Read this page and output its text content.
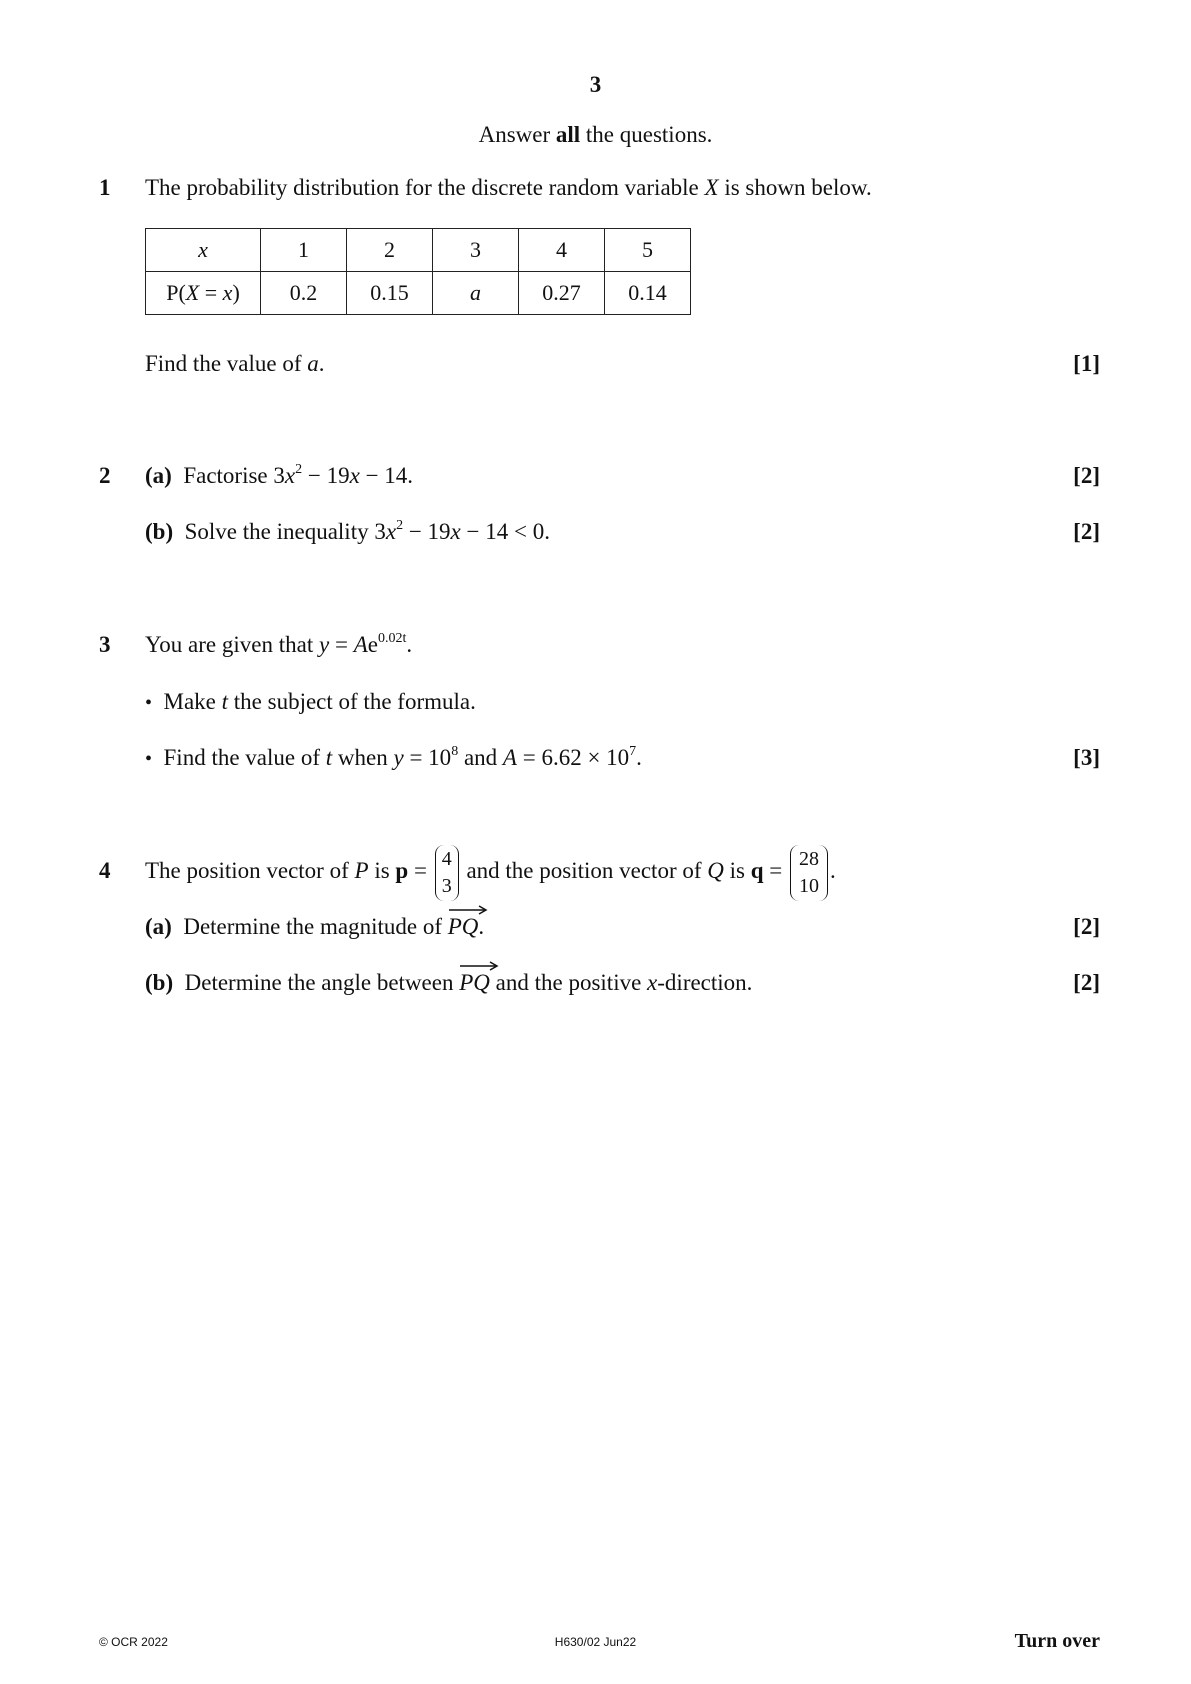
3
Answer all the questions.
1 The probability distribution for the discrete random variable X is shown below.
x	1	2	3	4	5
P(X = x)	0.2	0.15	a	0.27	0.14
Find the value of a.	[1]
2 (a) Factorise $3x^2 - 19x - 14$.	[2]
(b) Solve the inequality $3x^2 - 19x - 14 < 0$.	[2]
3 You are given that $y = Ae^{0.02t}$.
• Make t the subject of the formula.
• Find the value of t when $y = 10^8$ and $A = 6.62 \times 10^7$.	[3]
4 The position vector of P is p = 4
3
and the position vector of Q is q = 28
10
.
(a) Determine the magnitude of
PQ.	[2]
(b) Determine the angle between
PQ and the positive x-direction.	[2]
© OCR 2022	H630/02 Jun22	Turn over
